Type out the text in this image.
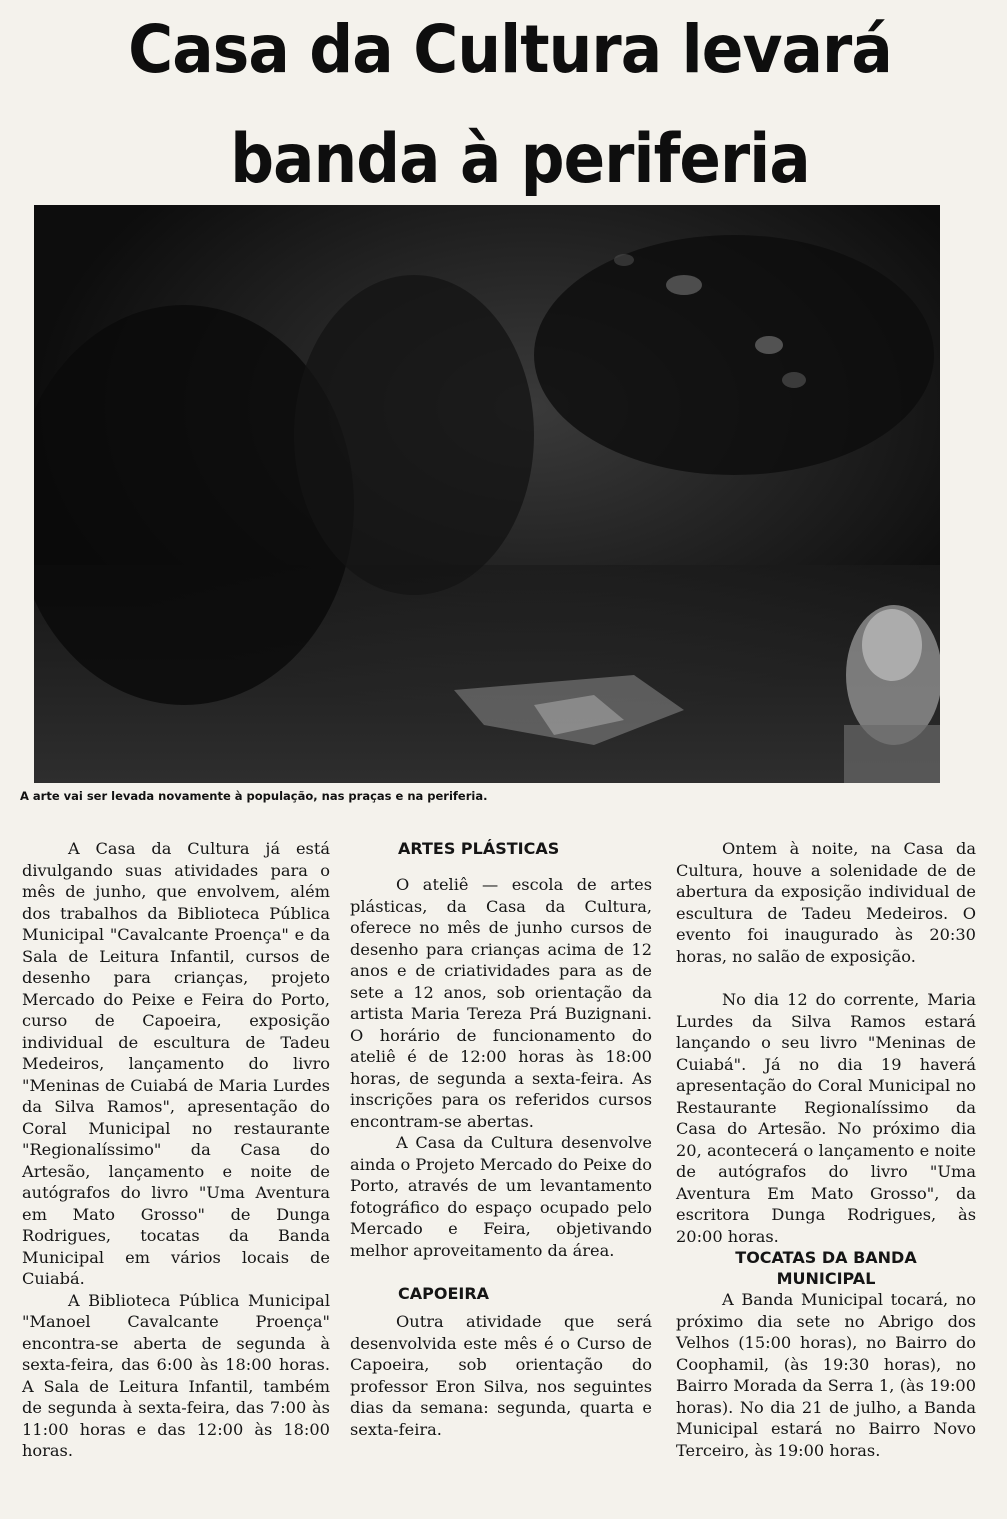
Casa da Cultura levará
banda à periferia
A arte vai ser levada novamente à população, nas praças e na periferia.

A Casa da Cultura já está divulgando suas atividades para o mês de junho, que envolvem, além dos trabalhos da Biblioteca Pública Municipal "Cavalcante Proença" e da Sala de Leitura Infantil, cursos de desenho para crianças, projeto Mercado do Peixe e Feira do Porto, curso de Capoeira, exposição individual de escultura de Tadeu Medeiros, lançamento do livro "Meninas de Cuiabá de Maria Lurdes da Silva Ramos", apresentação do Coral Municipal no restaurante "Regionalíssimo" da Casa do Artesão, lançamento e noite de autógrafos do livro "Uma Aventura em Mato Grosso" de Dunga Rodrigues, tocatas da Banda Municipal em vários locais de Cuiabá.

A Biblioteca Pública Municipal "Manoel Cavalcante Proença" encontra-se aberta de segunda à sexta-feira, das 6:00 às 18:00 horas. A Sala de Leitura Infantil, também de segunda à sexta-feira, das 7:00 às 11:00 horas e das 12:00 às 18:00 horas.

ARTES PLÁSTICAS

O ateliê — escola de artes plásticas, da Casa da Cultura, oferece no mês de junho cursos de desenho para crianças acima de 12 anos e de criatividades para as de sete a 12 anos, sob orientação da artista Maria Tereza Prá Buzignani. O horário de funcionamento do ateliê é de 12:00 horas às 18:00 horas, de segunda a sexta-feira. As inscrições para os referidos cursos encontram-se abertas.

A Casa da Cultura desenvolve ainda o Projeto Mercado do Peixe do Porto, através de um levantamento fotográfico do espaço ocupado pelo Mercado e Feira, objetivando melhor aproveitamento da área.

CAPOEIRA

Outra atividade que será desenvolvida este mês é o Curso de Capoeira, sob orientação do professor Eron Silva, nos seguintes dias da semana: segunda, quarta e sexta-feira.

Ontem à noite, na Casa da Cultura, houve a solenidade de de abertura da exposição individual de escultura de Tadeu Medeiros. O evento foi inaugurado às 20:30 horas, no salão de exposição.

No dia 12 do corrente, Maria Lurdes da Silva Ramos estará lançando o seu livro "Meninas de Cuiabá". Já no dia 19 haverá apresentação do Coral Municipal no Restaurante Regionalíssimo da Casa do Artesão. No próximo dia 20, acontecerá o lançamento e noite de autógrafos do livro "Uma Aventura Em Mato Grosso", da escritora Dunga Rodrigues, às 20:00 horas.

TOCATAS DA BANDA MUNICIPAL

A Banda Municipal tocará, no próximo dia sete no Abrigo dos Velhos (15:00 horas), no Bairro do Coophamil, (às 19:30 horas), no Bairro Morada da Serra 1, (às 19:00 horas). No dia 21 de julho, a Banda Municipal estará no Bairro Novo Terceiro, às 19:00 horas.
